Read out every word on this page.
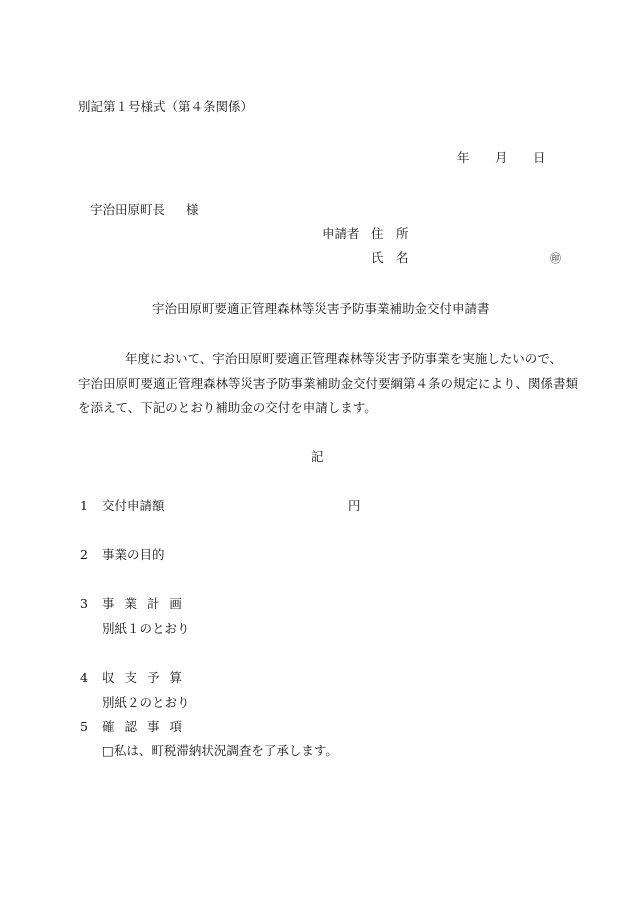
別記第１号様式（第４条関係）
年 月 日
宇治田原町長 様
申請者 住　所
氏　名	㊞
宇治田原町要適正管理森林等災害予防事業補助金交付申請書
年度において、宇治田原町要適正管理森林等災害予防事業を実施したいので、
宇治田原町要適正管理森林等災害予防事業補助金交付要綱第４条の規定により、関係書類
を添えて、下記のとおり補助金の交付を申請します。
記
1 交付申請額	円
2 事業の目的
3 事 業 計 画
別紙１のとおり
4 収 支 予 算
別紙２のとおり
5 確 認 事 項
□私は、町税滞納状況調査を了承します。
